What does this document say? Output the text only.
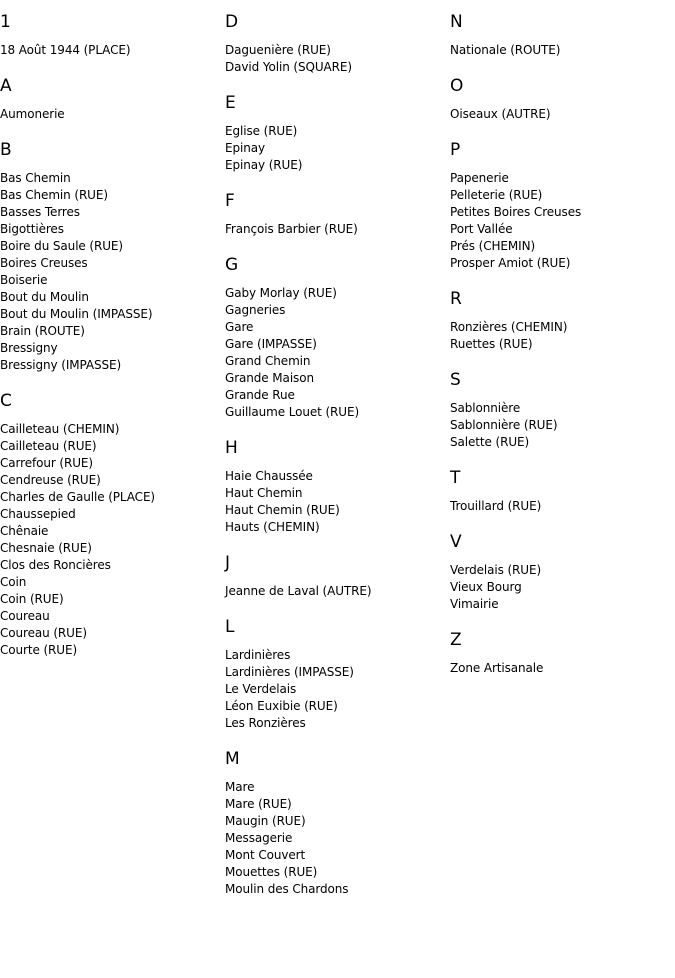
1
18 Août 1944 (PLACE)
A
Aumonerie
B
Bas Chemin
Bas Chemin (RUE)
Basses Terres
Bigottières
Boire du Saule (RUE)
Boires Creuses
Boiserie
Bout du Moulin
Bout du Moulin (IMPASSE)
Brain (ROUTE)
Bressigny
Bressigny (IMPASSE)
C
Cailleteau (CHEMIN)
Cailleteau (RUE)
Carrefour (RUE)
Cendreuse (RUE)
Charles de Gaulle (PLACE)
Chaussepied
Chênaie
Chesnaie (RUE)
Clos des Roncières
Coin
Coin (RUE)
Coureau
Coureau (RUE)
Courte (RUE)
D
Daguenière (RUE)
David Yolin (SQUARE)
E
Eglise (RUE)
Epinay
Epinay (RUE)
F
François Barbier (RUE)
G
Gaby Morlay (RUE)
Gagneries
Gare
Gare (IMPASSE)
Grand Chemin
Grande Maison
Grande Rue
Guillaume Louet (RUE)
H
Haie Chaussée
Haut Chemin
Haut Chemin (RUE)
Hauts (CHEMIN)
J
Jeanne de Laval (AUTRE)
L
Lardinières
Lardinières (IMPASSE)
Le Verdelais
Léon Euxibie (RUE)
Les Ronzières
M
Mare
Mare (RUE)
Maugin (RUE)
Messagerie
Mont Couvert
Mouettes (RUE)
Moulin des Chardons
N
Nationale (ROUTE)
O
Oiseaux (AUTRE)
P
Papenerie
Pelleterie (RUE)
Petites Boires Creuses
Port Vallée
Prés (CHEMIN)
Prosper Amiot (RUE)
R
Ronzières (CHEMIN)
Ruettes (RUE)
S
Sablonnière
Sablonnière (RUE)
Salette (RUE)
T
Trouillard (RUE)
V
Verdelais (RUE)
Vieux Bourg
Vimairie
Z
Zone Artisanale
